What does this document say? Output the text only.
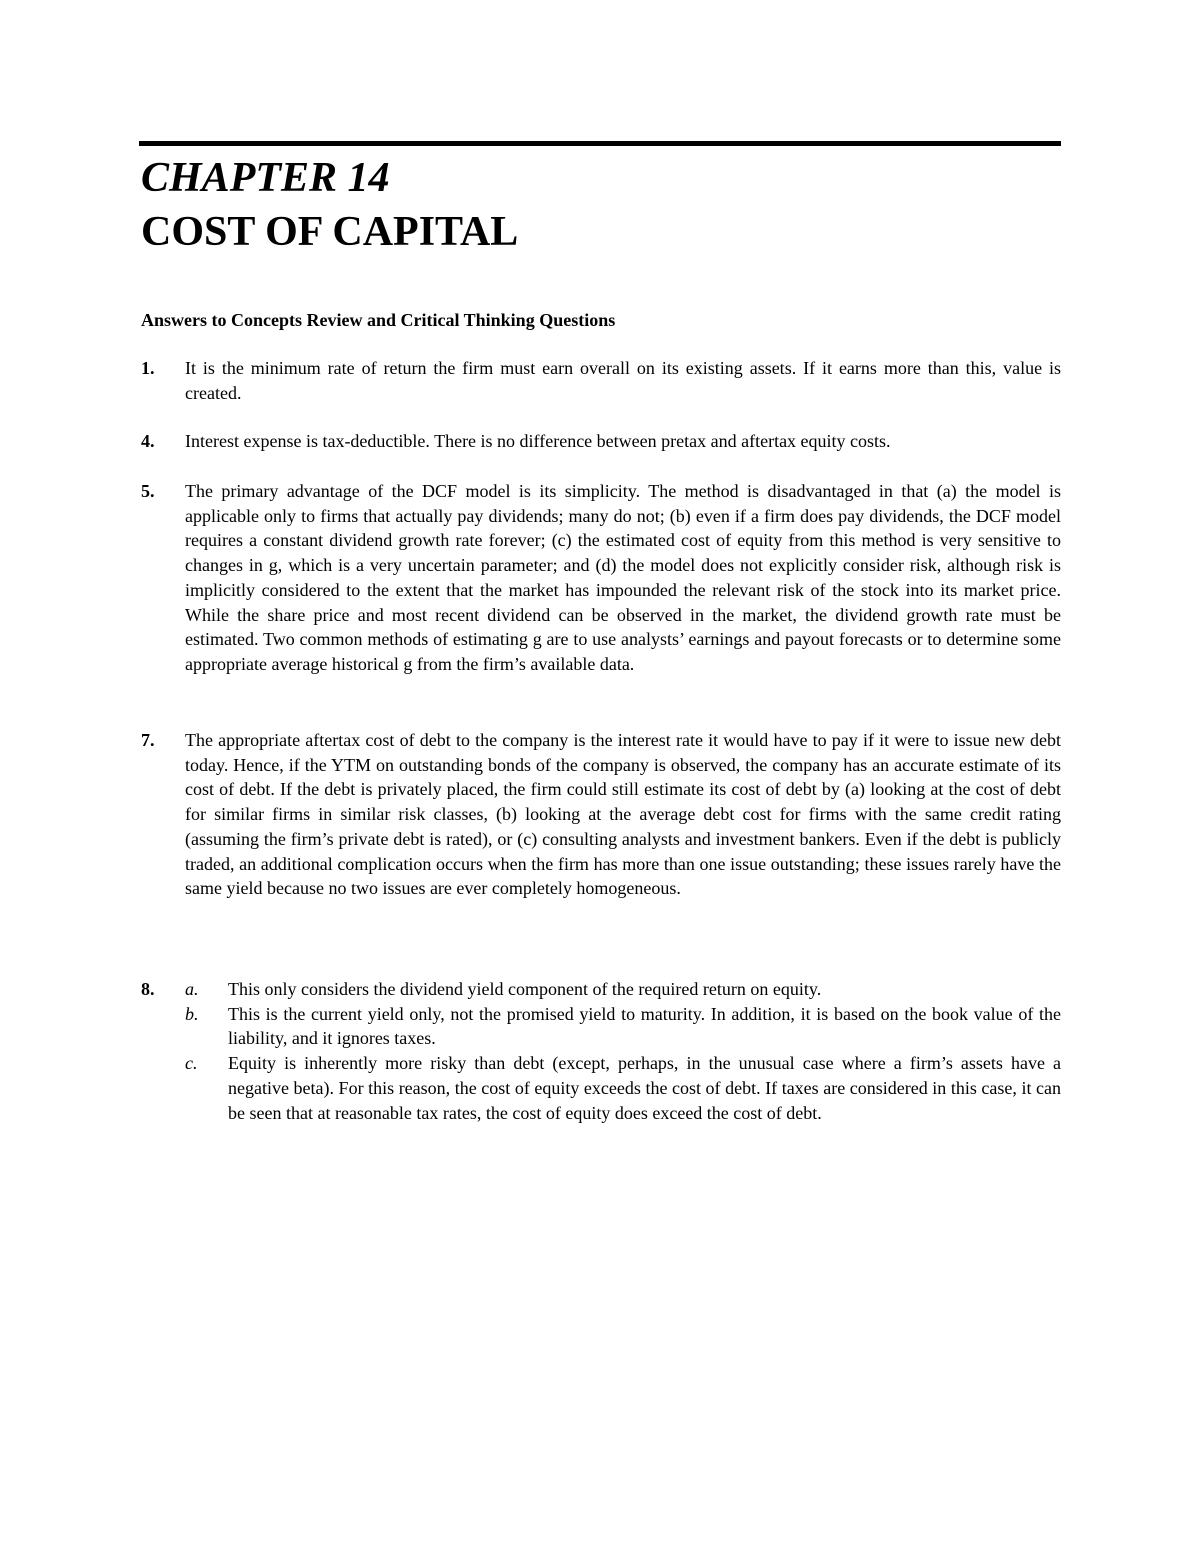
CHAPTER 14
COST OF CAPITAL
Answers to Concepts Review and Critical Thinking Questions
1. It is the minimum rate of return the firm must earn overall on its existing assets. If it earns more than this, value is created.
4. Interest expense is tax-deductible. There is no difference between pretax and aftertax equity costs.
5. The primary advantage of the DCF model is its simplicity. The method is disadvantaged in that (a) the model is applicable only to firms that actually pay dividends; many do not; (b) even if a firm does pay dividends, the DCF model requires a constant dividend growth rate forever; (c) the estimated cost of equity from this method is very sensitive to changes in g, which is a very uncertain parameter; and (d) the model does not explicitly consider risk, although risk is implicitly considered to the extent that the market has impounded the relevant risk of the stock into its market price. While the share price and most recent dividend can be observed in the market, the dividend growth rate must be estimated. Two common methods of estimating g are to use analysts’ earnings and payout forecasts or to determine some appropriate average historical g from the firm’s available data.
7. The appropriate aftertax cost of debt to the company is the interest rate it would have to pay if it were to issue new debt today. Hence, if the YTM on outstanding bonds of the company is observed, the company has an accurate estimate of its cost of debt. If the debt is privately placed, the firm could still estimate its cost of debt by (a) looking at the cost of debt for similar firms in similar risk classes, (b) looking at the average debt cost for firms with the same credit rating (assuming the firm’s private debt is rated), or (c) consulting analysts and investment bankers. Even if the debt is publicly traded, an additional complication occurs when the firm has more than one issue outstanding; these issues rarely have the same yield because no two issues are ever completely homogeneous.
8. a. This only considers the dividend yield component of the required return on equity.
b. This is the current yield only, not the promised yield to maturity. In addition, it is based on the book value of the liability, and it ignores taxes.
c. Equity is inherently more risky than debt (except, perhaps, in the unusual case where a firm’s assets have a negative beta). For this reason, the cost of equity exceeds the cost of debt. If taxes are considered in this case, it can be seen that at reasonable tax rates, the cost of equity does exceed the cost of debt.
